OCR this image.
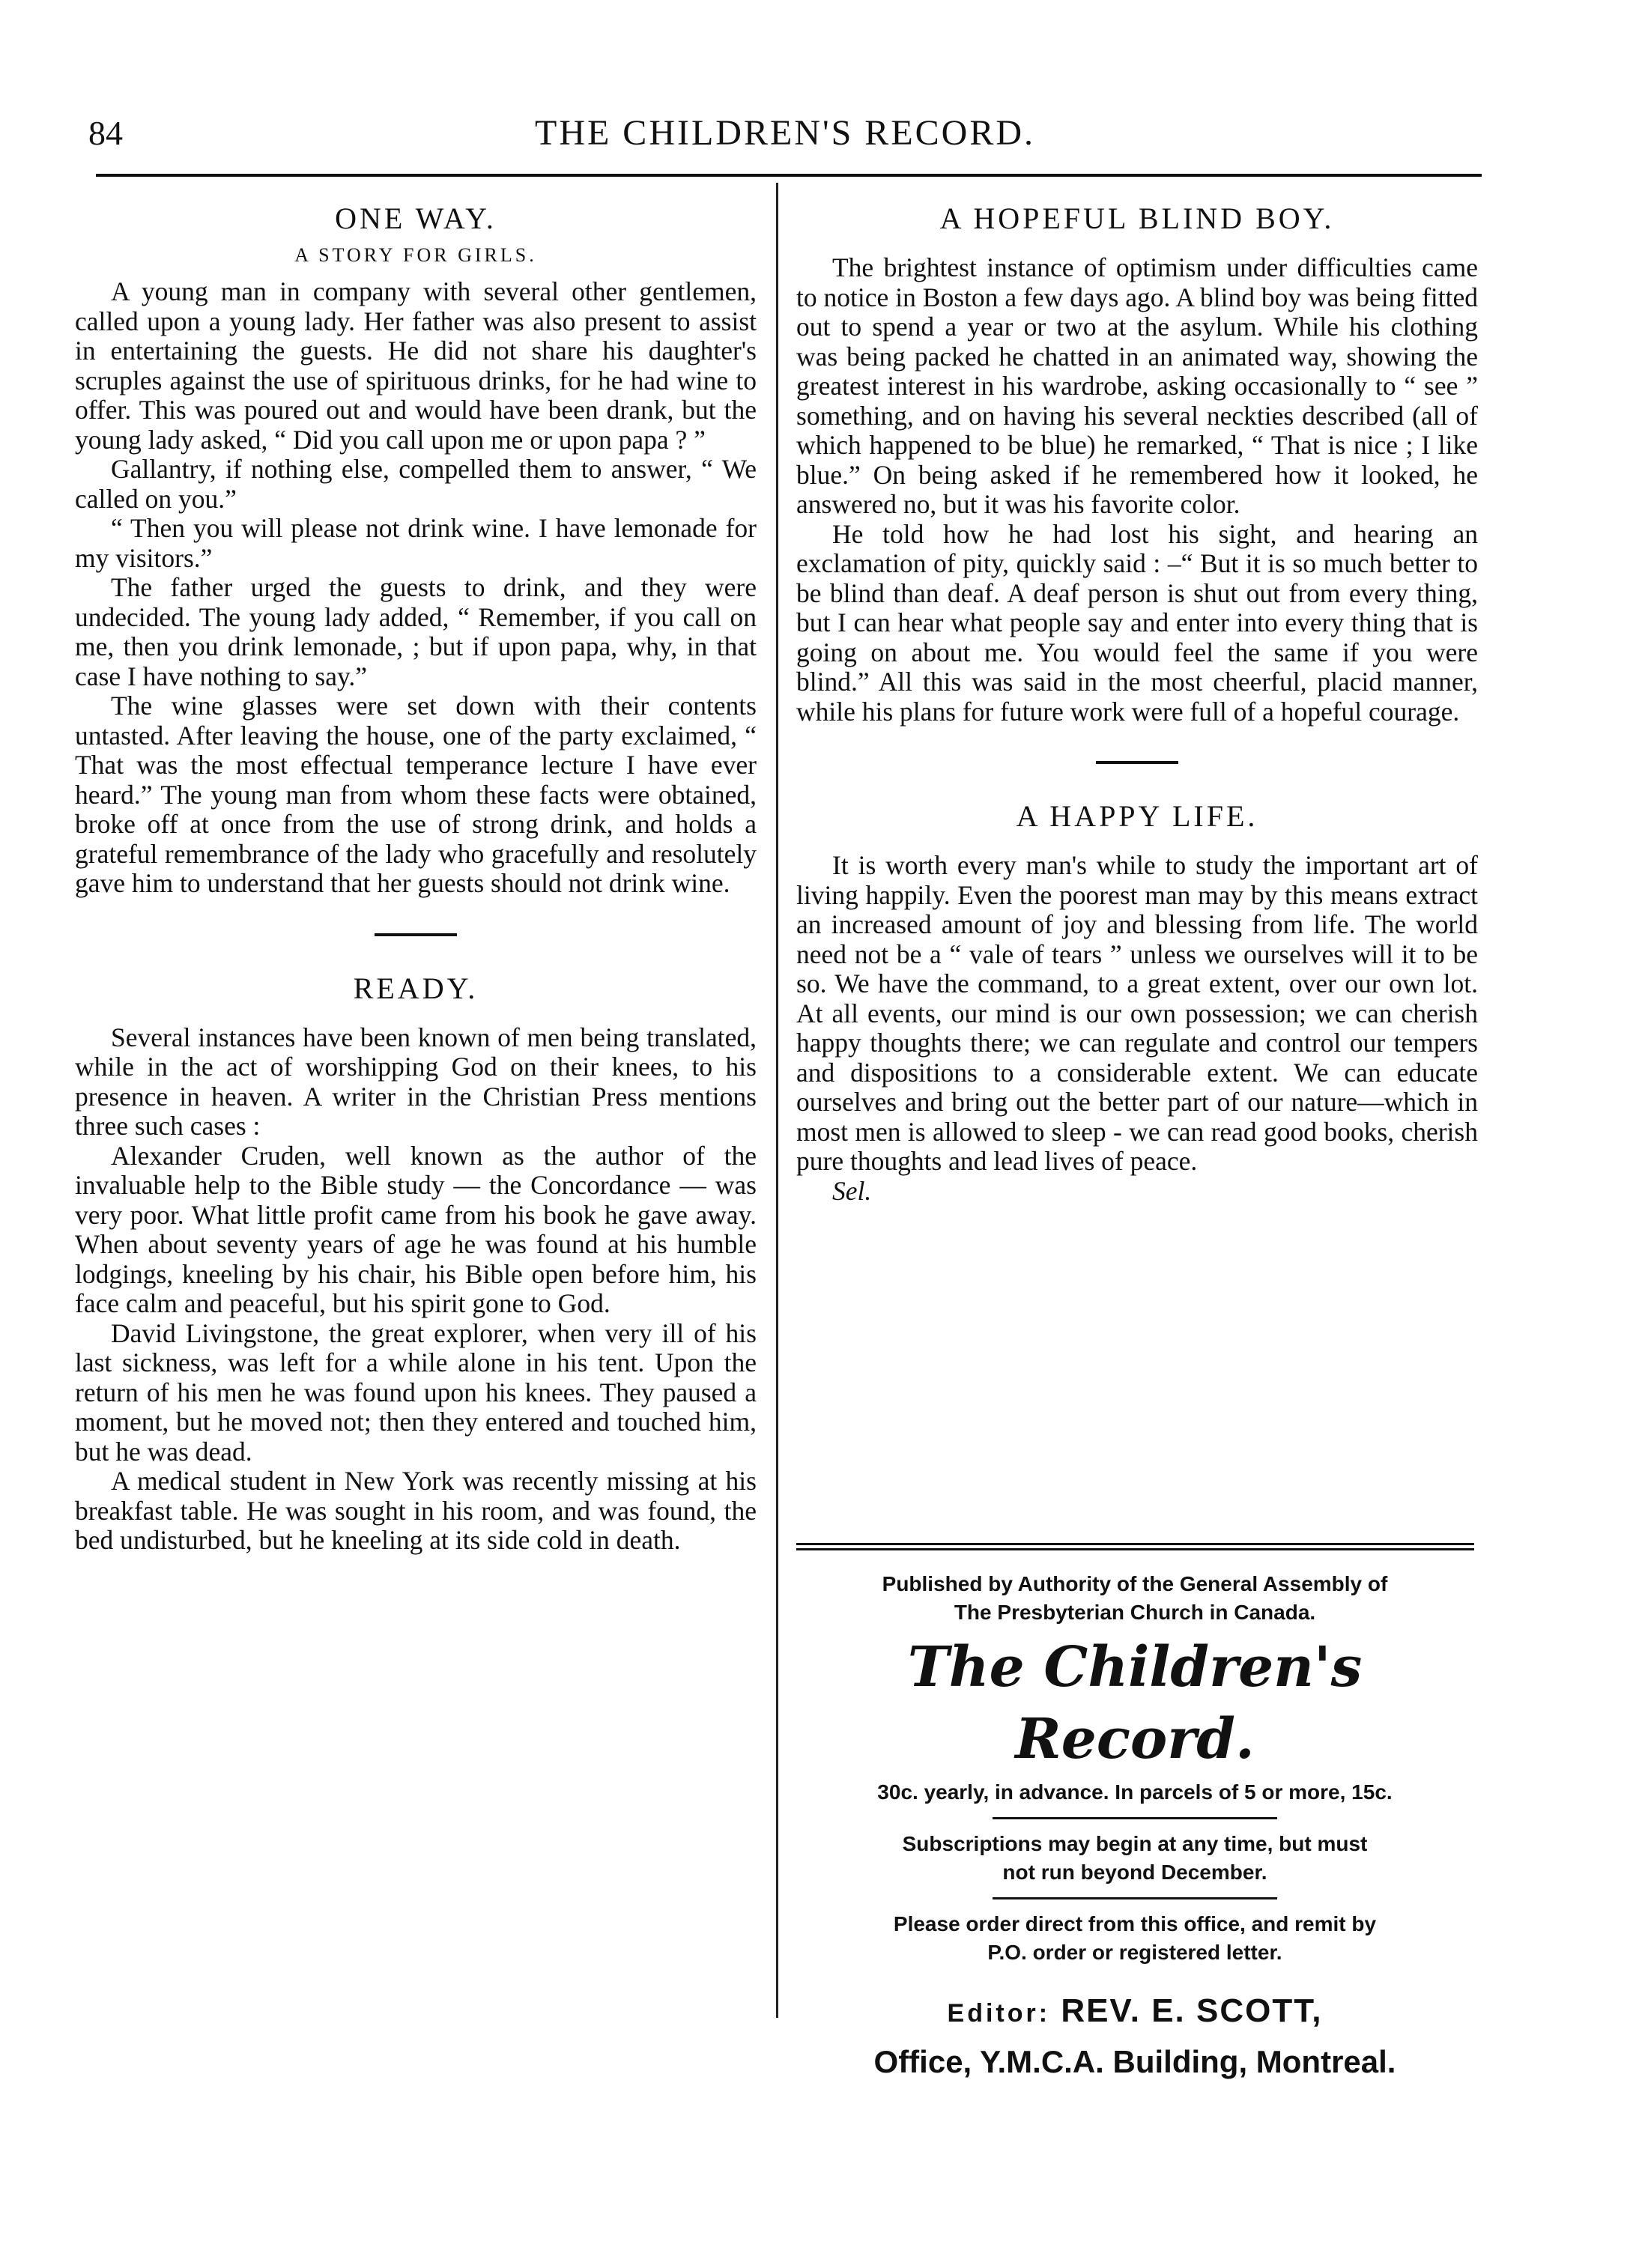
84	THE CHILDREN'S RECORD.
ONE WAY.
A STORY FOR GIRLS.

A young man in company with several other gentlemen, called upon a young lady. Her father was also present to assist in entertaining the guests. He did not share his daughter's scruples against the use of spirituous drinks, for he had wine to offer. This was poured out and would have been drank, but the young lady asked, “ Did you call upon me or upon papa ? ”

Gallantry, if nothing else, compelled them to answer, “ We called on you.”

“ Then you will please not drink wine. I have lemonade for my visitors.”

The father urged the guests to drink, and they were undecided. The young lady added, “ Remember, if you call on me, then you drink lemonade, ; but if upon papa, why, in that case I have nothing to say.”

The wine glasses were set down with their contents untasted. After leaving the house, one of the party exclaimed, “ That was the most effectual temperance lecture I have ever heard.” The young man from whom these facts were obtained, broke off at once from the use of strong drink, and holds a grateful remembrance of the lady who gracefully and resolutely gave him to understand that her guests should not drink wine.

READY.

Several instances have been known of men being translated, while in the act of worshipping God on their knees, to his presence in heaven. A writer in the Christian Press mentions three such cases :

Alexander Cruden, well known as the author of the invaluable help to the Bible study — the Concordance — was very poor. What little profit came from his book he gave away. When about seventy years of age he was found at his humble lodgings, kneeling by his chair, his Bible open before him, his face calm and peaceful, but his spirit gone to God.

David Livingstone, the great explorer, when very ill of his last sickness, was left for a while alone in his tent. Upon the return of his men he was found upon his knees. They paused a moment, but he moved not; then they entered and touched him, but he was dead.

A medical student in New York was recently missing at his breakfast table. He was sought in his room, and was found, the bed undisturbed, but he kneeling at its side cold in death.

A HOPEFUL BLIND BOY.

The brightest instance of optimism under difficulties came to notice in Boston a few days ago. A blind boy was being fitted out to spend a year or two at the asylum. While his clothing was being packed he chatted in an animated way, showing the greatest interest in his wardrobe, asking occasionally to “ see ” something, and on having his several neckties described (all of which happened to be blue) he remarked, “ That is nice ; I like blue.” On being asked if he remembered how it looked, he answered no, but it was his favorite color.

He told how he had lost his sight, and hearing an exclamation of pity, quickly said : –“ But it is so much better to be blind than deaf. A deaf person is shut out from every thing, but I can hear what people say and enter into every thing that is going on about me. You would feel the same if you were blind.” All this was said in the most cheerful, placid manner, while his plans for future work were full of a hopeful courage.

A HAPPY LIFE.

It is worth every man's while to study the important art of living happily. Even the poorest man may by this means extract an increased amount of joy and blessing from life. The world need not be a “ vale of tears ” unless we ourselves will it to be so. We have the command, to a great extent, over our own lot. At all events, our mind is our own possession; we can cherish happy thoughts there; we can regulate and control our tempers and dispositions to a considerable extent. We can educate ourselves and bring out the better part of our nature—which in most men is allowed to sleep - we can read good books, cherish pure thoughts and lead lives of peace.

Sel.

Published by Authority of the General Assembly of

The Presbyterian Church in Canada.

The Children's Record.

30c. yearly, in advance. In parcels of 5 or more, 15c.

Subscriptions may begin at any time, but must

not run beyond December.

Please order direct from this office, and remit by

P.O. order or registered letter.

Editor: REV. E. SCOTT,

Office, Y.M.C.A. Building, Montreal.
